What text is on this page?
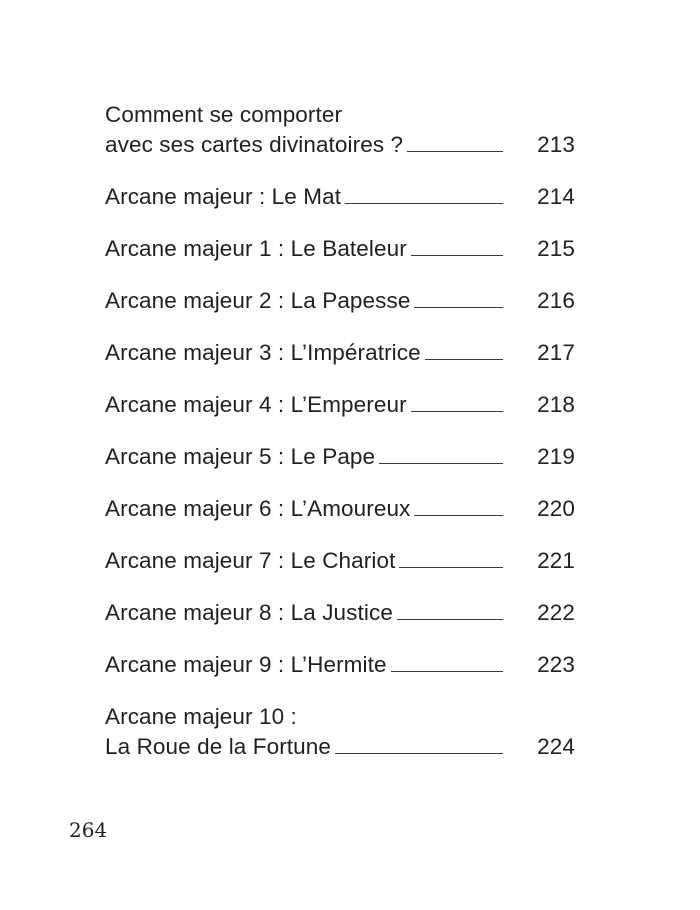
Comment se comporter
avec ses cartes divinatoires ?	213
Arcane majeur : Le Mat	214
Arcane majeur 1 : Le Bateleur	215
Arcane majeur 2 : La Papesse	216
Arcane majeur 3 : L’Impératrice	217
Arcane majeur 4 : L’Empereur	218
Arcane majeur 5 : Le Pape	219
Arcane majeur 6 : L’Amoureux	220
Arcane majeur 7 : Le Chariot	221
Arcane majeur 8 : La Justice	222
Arcane majeur 9 : L’Hermite	223
Arcane majeur 10 :
La Roue de la Fortune	224
264
